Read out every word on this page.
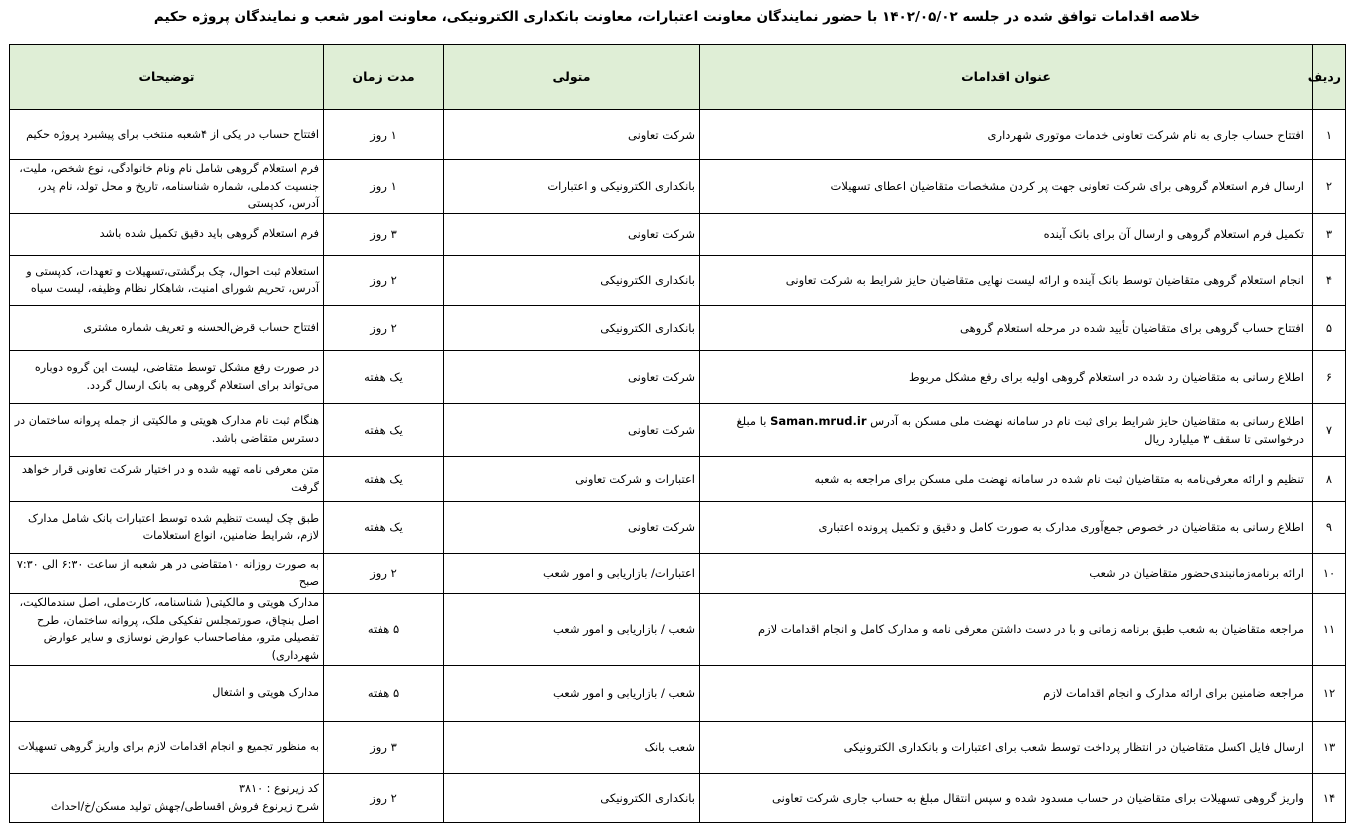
خلاصه اقدامات توافق شده در جلسه ۱۴۰۲/۰۵/۰۲ با حضور نمایندگان معاونت اعتبارات، معاونت بانکداری الکترونیکی، معاونت امور شعب و نمایندگان پروژه حکیم
ردیف	عنوان اقدامات	متولی	مدت زمان	توضیحات
۱	افتتاح حساب جاری به نام شرکت تعاونی خدمات موتوری شهرداری	شرکت تعاونی	۱ روز	افتتاح حساب در یکی از ۴شعبه منتخب برای پیشبرد پروژه حکیم
۲	ارسال فرم استعلام گروهی برای شرکت تعاونی جهت پر کردن مشخصات متقاضیان اعطای تسهیلات	بانکداری الکترونیکی و اعتبارات	۱ روز	فرم استعلام گروهی شامل نام ونام خانوادگی، نوع شخص، ملیت، جنسیت کدملی، شماره شناسنامه، تاریخ و محل تولد، نام پدر، آدرس، کدپستی
۳	تکمیل فرم استعلام گروهی و ارسال آن برای بانک آینده	شرکت تعاونی	۳ روز	فرم استعلام گروهی باید دقیق تکمیل شده باشد
۴	انجام استعلام گروهی متقاضیان توسط بانک آینده و ارائه لیست نهایی متقاضیان حایز شرایط به شرکت تعاونی	بانکداری الکترونیکی	۲ روز	استعلام ثبت احوال، چک برگشتی،تسهیلات و تعهدات، کدپستی و آدرس، تحریم شورای امنیت، شاهکار نظام وظیفه، لیست سیاه
۵	افتتاح حساب گروهی برای متقاضیان تأیید شده در مرحله استعلام گروهی	بانکداری الکترونیکی	۲ روز	افتتاح حساب قرض‌الحسنه و تعریف شماره مشتری
۶	اطلاع رسانی به متقاضیان رد شده در استعلام گروهی اولیه برای رفع مشکل مربوط	شرکت تعاونی	یک هفته	در صورت رفع مشکل توسط متقاضی، لیست این گروه دوباره می‌تواند برای استعلام گروهی به بانک ارسال گردد.
۷	اطلاع رسانی به متقاضیان حایز شرایط برای ثبت نام در سامانه نهضت ملی مسکن به آدرس Saman.mrud.ir با مبلغ درخواستی تا سقف ۳ میلیارد ریال	شرکت تعاونی	یک هفته	هنگام ثبت نام مدارک هویتی و مالکیتی از جمله پروانه ساختمان در دسترس متقاضی باشد.
۸	تنظیم و ارائه معرفی‌نامه به متقاضیان ثبت نام شده در سامانه نهضت ملی مسکن برای مراجعه به شعبه	اعتبارات و شرکت تعاونی	یک هفته	متن معرفی نامه تهیه شده و در اختیار شرکت تعاونی قرار خواهد گرفت
۹	اطلاع رسانی به متقاضیان در خصوص جمع‌آوری مدارک به صورت کامل و دقیق و تکمیل پرونده اعتباری	شرکت تعاونی	یک هفته	طبق چک لیست تنظیم شده توسط اعتبارات بانک شامل مدارک لازم، شرایط ضامنین، انواع استعلامات
۱۰	ارائه برنامه‌زمانبندی‌حضور متقاضیان در شعب	اعتبارات/ بازاریابی و امور شعب	۲ روز	به صورت روزانه ۱۰متقاضی در هر شعبه از ساعت ۶:۳۰ الی ۷:۳۰ صبح
۱۱	مراجعه متقاضیان به شعب طبق برنامه زمانی و با در دست داشتن معرفی نامه و مدارک کامل و انجام اقدامات لازم	شعب / بازاریابی و امور شعب	۵ هفته	مدارک هویتی و مالکیتی( شناسنامه، کارت‌ملی، اصل سندمالکیت، اصل بنچاق، صورتمجلس تفکیکی ملک، پروانه ساختمان، طرح تفصیلی مترو، مفاصاحساب عوارض نوسازی و سایر عوارض شهرداری)
۱۲	مراجعه ضامنین برای ارائه مدارک و انجام اقدامات لازم	شعب / بازاریابی و امور شعب	۵ هفته	مدارک هویتی و اشتغال
۱۳	ارسال فایل اکسل متقاضیان در انتظار پرداخت توسط شعب برای اعتبارات و بانکداری الکترونیکی	شعب بانک	۳ روز	به منظور تجمیع و انجام اقدامات لازم برای واریز گروهی تسهیلات
۱۴	واریز گروهی تسهیلات برای متقاضیان در حساب مسدود شده و سپس انتقال مبلغ به حساب جاری شرکت تعاونی	بانکداری الکترونیکی	۲ روز	کد زیرنوع : ۳۸۱۰
شرح زیرنوع فروش اقساطی/جهش تولید مسکن/خ/احداث
